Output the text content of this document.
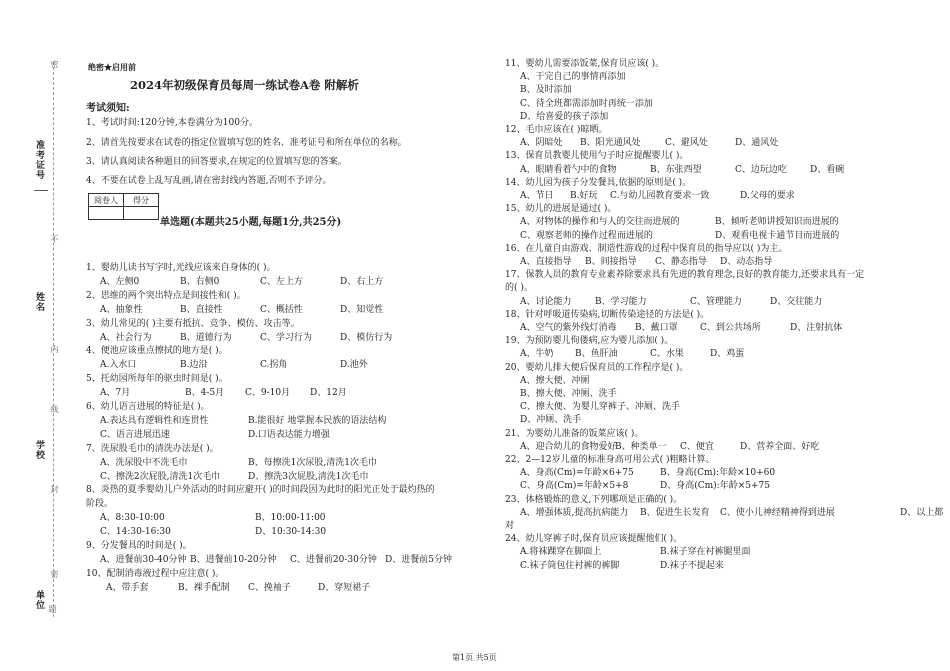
密
不
内
线
封
密
准考证号
姓名
学校
单位 题
绝密★启用前
2024年初级保育员每周一练试卷A卷 附解析
考试须知:
1、考试时间:120分钟,本卷满分为100分。
2、请首先按要求在试卷的指定位置填写您的姓名、准考证号和所在单位的名称。
3、请认真阅读各种题目的回答要求,在规定的位置填写您的答案。
4、不要在试卷上乱写乱画,请在密封线内答题,否则不予评分。
阅卷人	得分

单选题(本题共25小题,每题1分,共25分)
1、婴幼儿读书写字时,光线应该来自身体的( )。
A、左侧0	B、右侧0	C、左上方	D、右上方
2、思维的两个突出特点是间接性和( )。
A、抽象性	B、直接性	C、概括性	D、知觉性
3、幼儿常见的( )主要有抵抗、竞争、模仿、攻击等。
A、社会行为	B、道德行为	C、学习行为	D、模仿行为
4、便池应该重点擦拭的地方是( )。
A.入水口	B.边沿	C.拐角	D.池外
5、托幼园所每年的驱虫时间是( )。
A、7月	B、4-5月 C、9-10月 D、12月
6、幼儿语言进展的特征是( )。
A.表达具有逻辑性和连贯性	B.能很好 地掌握本民族的语法结构
C、语言进展迅速	D.口语表达能力增强
7、洗尿股毛巾的清洗办法是( )。
A、洗尿股中不洗毛巾	B、每擦洗1次尿股,清洗1次毛巾
C、擦洗2次屁股,清洗1次毛巾	D、擦洗3次屁股,清洗1次毛巾
8、炎热的夏季婴幼儿户外活动的时间应避开( )的时间段因为此时的阳光正处于最灼热的
阶段。
A、8:30-10:00	B、10:00-11:00
C、14:30-16:30	D、10:30-14:30
9、分发餐具的时间是( )。
A、进餐前30-40分钟 B、进餐前10-20分钟 C、进餐前20-30分钟 D、进餐前5分钟
10、配制消毒液过程中应注意( )。
A、带手套	B、裸手配制 C、挽袖子	D、穿短裙子
11、婴幼儿需要添饭菜,保育员应该( )。
A、干完自己的事情再添加
B、及时添加
C、待全班都需添加时再统一添加
D、给喜爱的孩子添加
12、毛巾应该在( )晾晒。
A、阴暗处 B、阳光通风处	C、避风处	D、通风处
13、保育员教婴儿使用勺子时应提醒婴儿( )。
A、眼睛看着勺中的食物	B、东张西望	C、边玩边吃	D、看碗
14、幼儿园为孩子分发餐具,依据的原则是( )。
A、节日 B.好玩 C.与幼儿园教育要求一致	D.父母的要求
15、幼儿的进展是通过( )。
A、对物体的操作和与人的交往而进展的	B、倾听老师讲授知识而进展的
C、观察老师的操作过程而进展的	D、观看电视卡通节目而进展的
16、在儿童自由游戏、制造性游戏的过程中保育员的指导应以( )为主。
A、直接指导 B、间接指导 C、静态指导 D、动态指导
17、保教人员的教育专业素养除要求具有先进的教育理念,良好的教育能力,还要求具有一定
的( )。
A、讨论能力	B、学习能力	C、管理能力	D、交往能力
18、针对呼吸道传染病,切断传染途径的方法是( )。
A、空气的紫外线灯消毒 B、戴口罩 C、到公共场所	D、注射抗体
19、为预防婴儿佝偻病,应为婴儿添加( )。
A、牛奶 B、鱼肝油	C、水果	D、鸡蛋
20、婴幼儿排大便后保育员的工作程序是( )。
A、擦大便、冲厕
B、擦大便、冲厕、洗手
C、擦大便、为婴儿穿裤子、冲厕、洗手
D、冲厕、洗手
21、为婴幼儿准备的饭菜应该( )。
A、迎合幼儿的食物爱好
B、种类单一 C、便宜	D、营养全面、好吃
22、2—12岁儿童的标准身高可用公式( )粗略计算。
A、身高(Cm)=年龄×6+75	B、身高(Cm):年龄×10+60
C、身高(Cm)=年龄×5+8	D、身高(Cm):年龄×5+75
23、体格锻炼的意义,下列哪项是正确的( )。
A、增强体质,提高抗病能力 B、促进生长发育 C、使小儿神经精神得到进展	D、以上都
对
24、幼儿穿裤子时,保育员应该提醒他们( )。
A.将袜踝穿在脚面上	B.袜子穿在衬裤腿里面
C.袜子筒包住衬裤的裤脚	D.袜子不提起来
第1页 共5页
